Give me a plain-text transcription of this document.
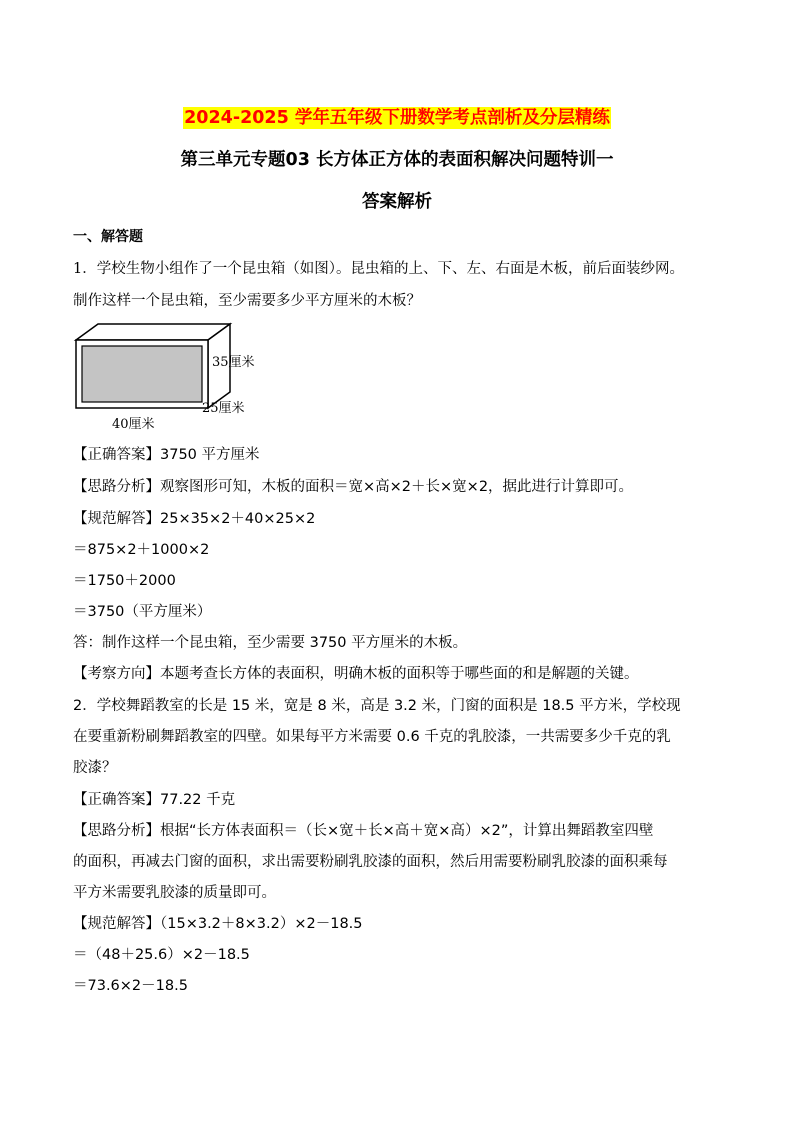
2024-2025 学年五年级下册数学考点剖析及分层精练
第三单元专题03 长方体正方体的表面积解决问题特训一
答案解析
一、解答题
1．学校生物小组作了一个昆虫箱（如图）。昆虫箱的上、下、左、右面是木板，前后面装纱网。
制作这样一个昆虫箱，至少需要多少平方厘米的木板？
35厘米
25厘米
40厘米
【正确答案】3750 平方厘米
【思路分析】观察图形可知，木板的面积＝宽×高×2＋长×宽×2，据此进行计算即可。
【规范解答】25×35×2＋40×25×2
＝875×2＋1000×2
＝1750＋2000
＝3750（平方厘米）
答：制作这样一个昆虫箱，至少需要 3750 平方厘米的木板。
【考察方向】本题考查长方体的表面积，明确木板的面积等于哪些面的和是解题的关键。
2．学校舞蹈教室的长是 15 米，宽是 8 米，高是 3.2 米，门窗的面积是 18.5 平方米，学校现
在要重新粉刷舞蹈教室的四壁。如果每平方米需要 0.6 千克的乳胶漆，一共需要多少千克的乳
胶漆？
【正确答案】77.22 千克
【思路分析】根据“长方体表面积＝（长×宽＋长×高＋宽×高）×2”，计算出舞蹈教室四壁
的面积，再减去门窗的面积，求出需要粉刷乳胶漆的面积，然后用需要粉刷乳胶漆的面积乘每
平方米需要乳胶漆的质量即可。
【规范解答】（15×3.2＋8×3.2）×2－18.5
＝（48＋25.6）×2－18.5
＝73.6×2－18.5
